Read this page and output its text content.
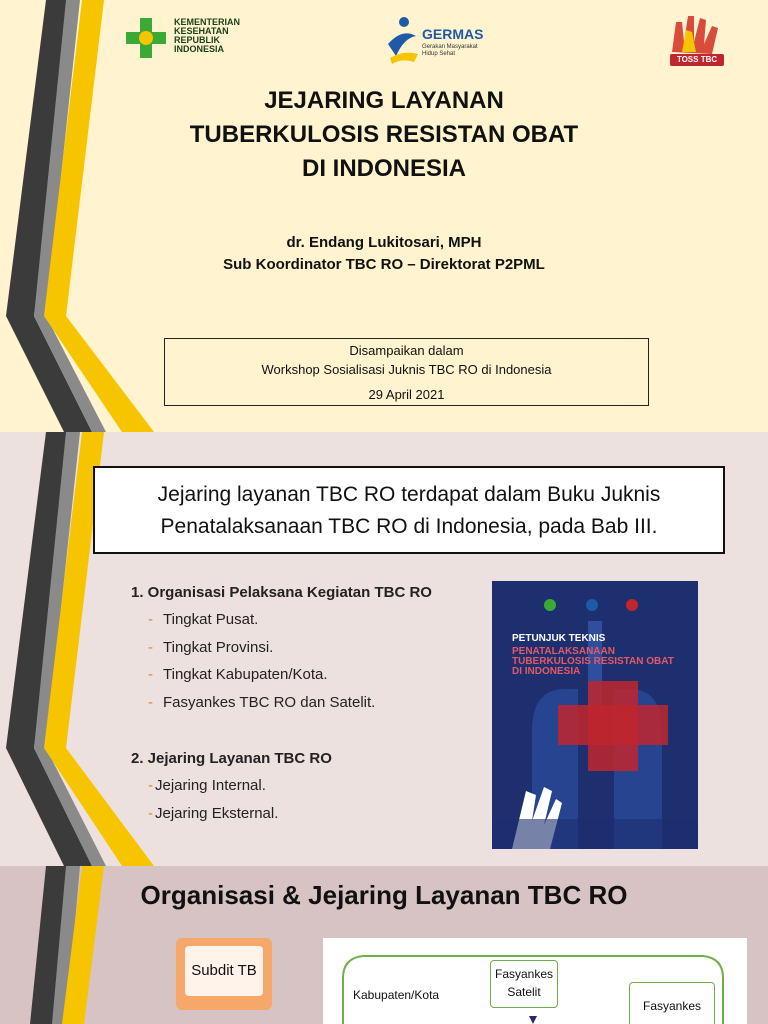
KEMENTERIAN
KESEHATAN
REPUBLIK
INDONESIA
GERMAS
Gerakan Masyarakat
Hidup Sehat
TOSS TBC
JEJARING LAYANAN
TUBERKULOSIS RESISTAN OBAT
DI INDONESIA
dr. Endang Lukitosari, MPH
Sub Koordinator TBC RO – Direktorat P2PML
Disampaikan dalam
Workshop Sosialisasi Juknis TBC RO di Indonesia
29 April 2021
Jejaring layanan TBC RO terdapat dalam Buku Juknis
Penatalaksanaan TBC RO di Indonesia, pada Bab III.
1. Organisasi Pelaksana Kegiatan TBC RO
- Tingkat Pusat.
- Tingkat Provinsi.
- Tingkat Kabupaten/Kota.
- Fasyankes TBC RO dan Satelit.
2. Jejaring Layanan TBC RO
- Jejaring Internal.
- Jejaring Eksternal.
PETUNJUK TEKNIS
PENATALAKSANAAN
TUBERKULOSIS RESISTAN OBAT
DI INDONESIA
Organisasi & Jejaring Layanan TBC RO
Subdit TB
Kabupaten/Kota
Fasyankes
Satelit
Fasyankes
